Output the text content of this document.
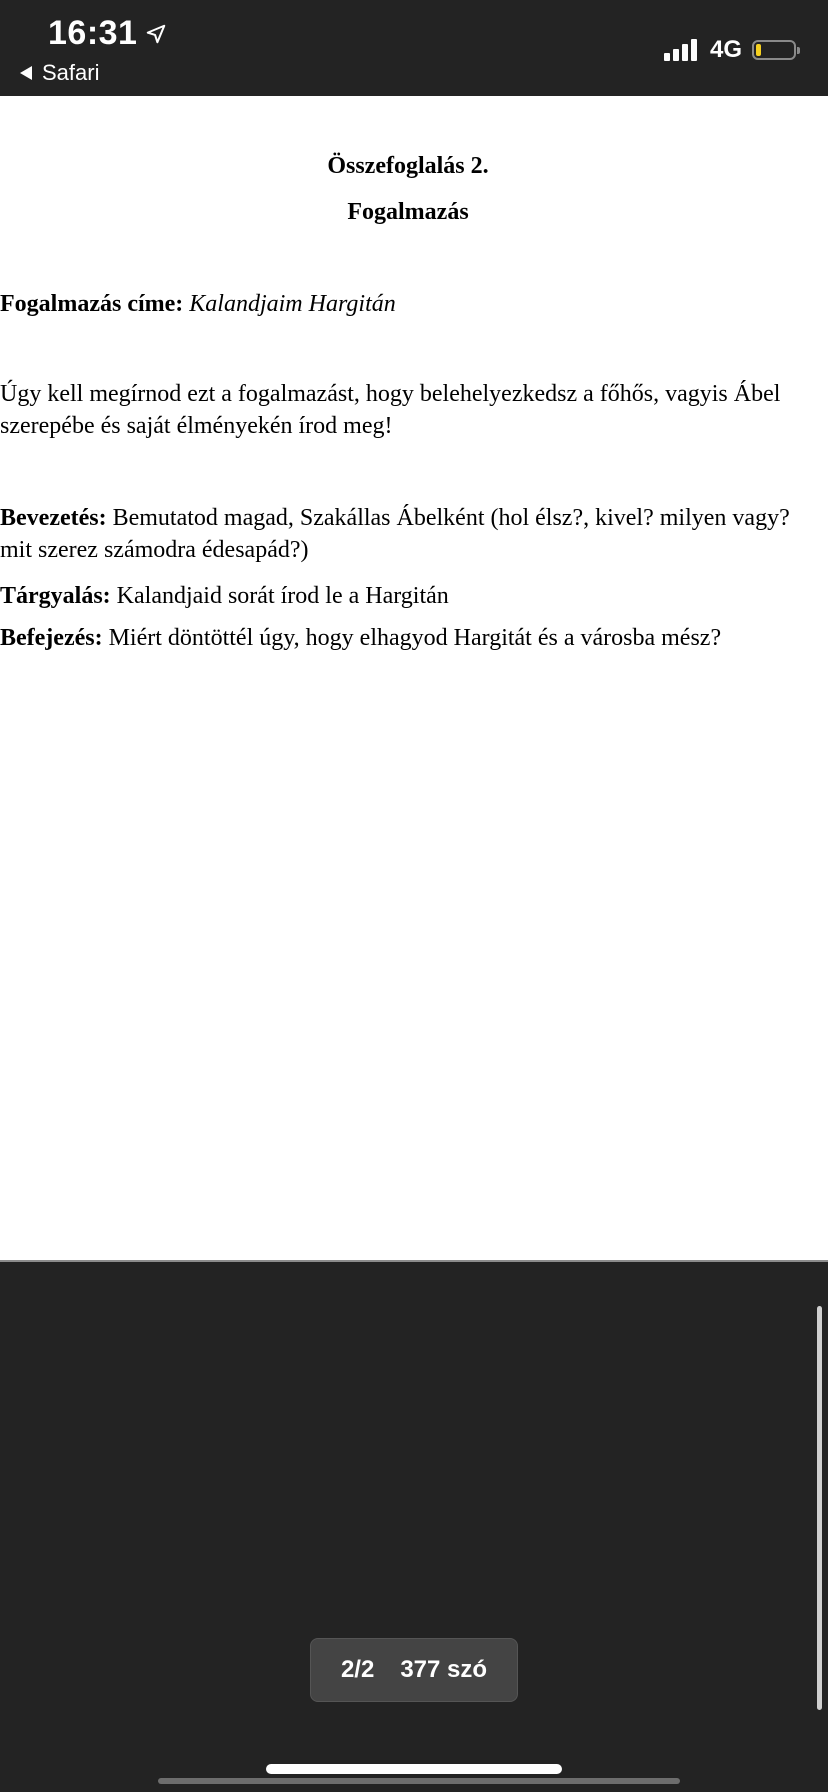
16:31
Safari
4G
Összefoglalás 2.
Fogalmazás

Fogalmazás címe: Kalandjaim Hargitán

Úgy kell megírnod ezt a fogalmazást, hogy belehelyezkedsz a főhős, vagyis Ábel szerepébe és saját élményekén írod meg!

Bevezetés: Bemutatod magad, Szakállas Ábelként (hol élsz?, kivel? milyen vagy? mit szerez számodra édesapád?)

Tárgyalás: Kalandjaid sorát írod le a Hargitán

Befejezés: Miért döntöttél úgy, hogy elhagyod Hargitát és a városba mész?

2/2 377 szó
